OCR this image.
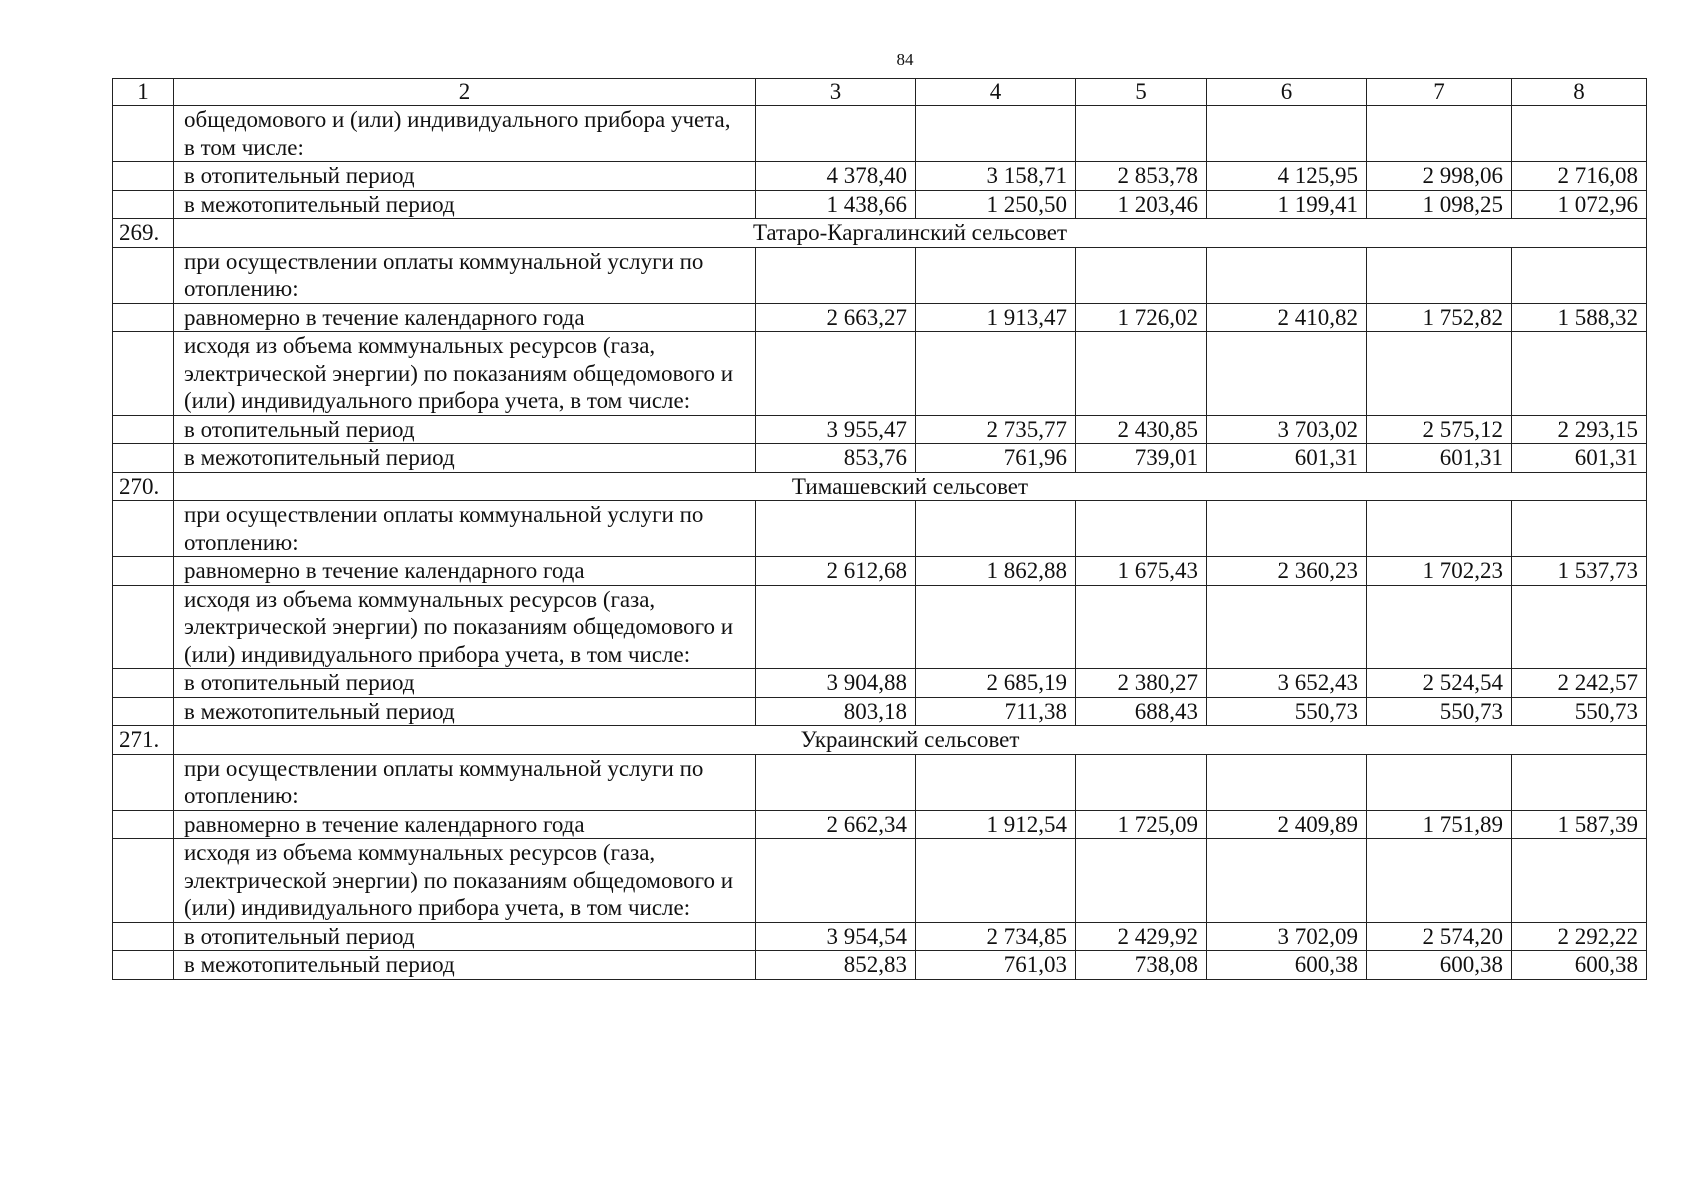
84
1	2	3	4	5	6	7	8
	общедомового и (или) индивидуального прибора учета, в том числе:						
	в отопительный период	4 378,40	3 158,71	2 853,78	4 125,95	2 998,06	2 716,08
	в межотопительный период	1 438,66	1 250,50	1 203,46	1 199,41	1 098,25	1 072,96
269.	Татаро-Каргалинский сельсовет						
	при осуществлении оплаты коммунальной услуги по отоплению:						
	равномерно в течение календарного года	2 663,27	1 913,47	1 726,02	2 410,82	1 752,82	1 588,32
	исходя из объема коммунальных ресурсов (газа, электрической энергии) по показаниям общедомового и (или) индивидуального прибора учета, в том числе:						
	в отопительный период	3 955,47	2 735,77	2 430,85	3 703,02	2 575,12	2 293,15
	в межотопительный период	853,76	761,96	739,01	601,31	601,31	601,31
270.	Тимашевский сельсовет						
	при осуществлении оплаты коммунальной услуги по отоплению:						
	равномерно в течение календарного года	2 612,68	1 862,88	1 675,43	2 360,23	1 702,23	1 537,73
	исходя из объема коммунальных ресурсов (газа, электрической энергии) по показаниям общедомового и (или) индивидуального прибора учета, в том числе:						
	в отопительный период	3 904,88	2 685,19	2 380,27	3 652,43	2 524,54	2 242,57
	в межотопительный период	803,18	711,38	688,43	550,73	550,73	550,73
271.	Украинский сельсовет						
	при осуществлении оплаты коммунальной услуги по отоплению:						
	равномерно в течение календарного года	2 662,34	1 912,54	1 725,09	2 409,89	1 751,89	1 587,39
	исходя из объема коммунальных ресурсов (газа, электрической энергии) по показаниям общедомового и (или) индивидуального прибора учета, в том числе:						
	в отопительный период	3 954,54	2 734,85	2 429,92	3 702,09	2 574,20	2 292,22
	в межотопительный период	852,83	761,03	738,08	600,38	600,38	600,38
